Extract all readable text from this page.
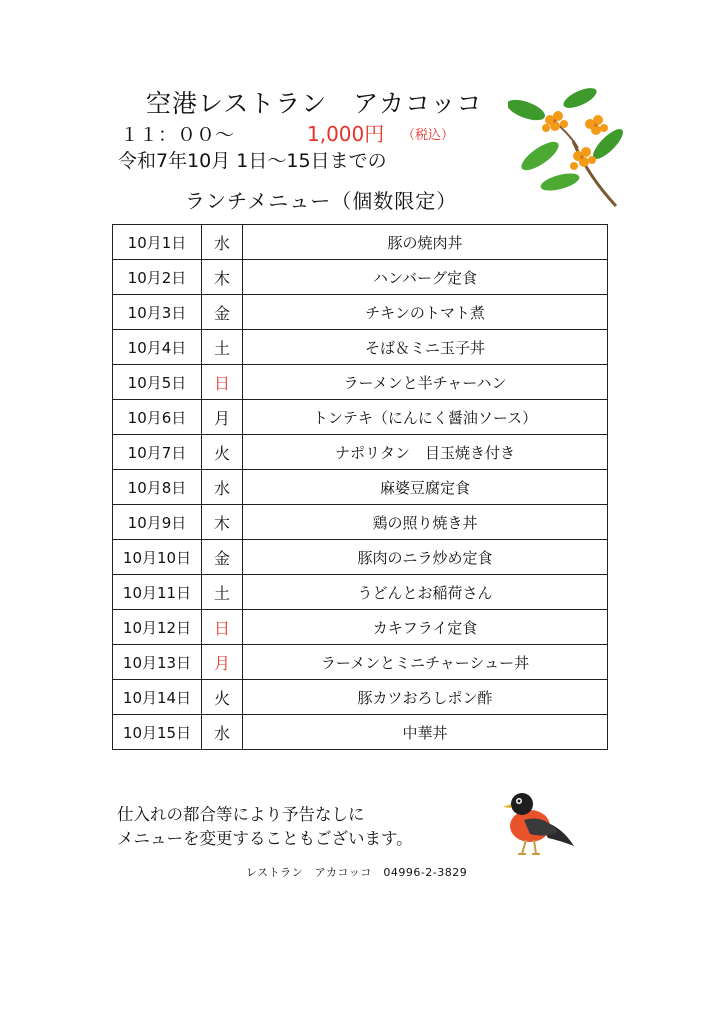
空港レストラン　アカコッコ
１１：００～	1,000円 （税込）
令和7年10月 1日～15日までの
ランチメニュー（個数限定）
10月1日	水	豚の焼肉丼
10月2日	木	ハンバーグ定食
10月3日	金	チキンのトマト煮
10月4日	土	そば＆ミニ玉子丼
10月5日	日	ラーメンと半チャーハン
10月6日	月	トンテキ（にんにく醤油ソース）
10月7日	火	ナポリタン　目玉焼き付き
10月8日	水	麻婆豆腐定食
10月9日	木	鶏の照り焼き丼
10月10日	金	豚肉のニラ炒め定食
10月11日	土	うどんとお稲荷さん
10月12日	日	カキフライ定食
10月13日	月	ラーメンとミニチャーシュー丼
10月14日	火	豚カツおろしポン酢
10月15日	水	中華丼
仕入れの都合等により予告なしに
メニューを変更することもございます。
レストラン　アカコッコ　04996-2-3829
